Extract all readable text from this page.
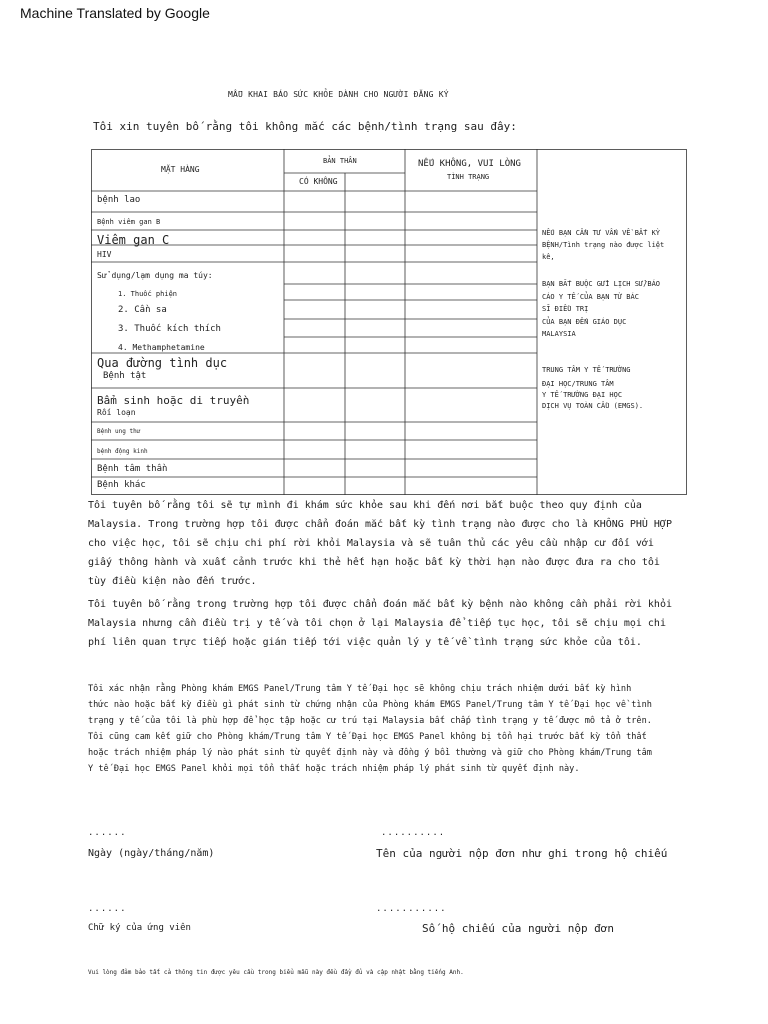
Machine Translated by Google
MẪU KHAI BÁO SỨC KHỎE DÀNH CHO NGƯỜI ĐĂNG KÝ
Tôi xin tuyên bố rằng tôi không mắc các bệnh/tình trạng sau đây:
MẶT HÀNG
BẢN THÂN
CÓ KHÔNG
NẾU KHÔNG, VUI LÒNG
TÌNH TRẠNG
bệnh lao
Bệnh viêm gan B
Viêm gan C
HIV
Sử dụng/lạm dụng ma túy:
1. Thuốc phiện
2. Cần sa
3. Thuốc kích thích
4. Methamphetamine
Qua đường tình dục
Bệnh tật
Bẩm sinh hoặc di truyền
Rối loạn
Bệnh ung thư
bệnh động kinh
Bệnh tâm thần
Bệnh khác
NẾU BẠN CẦN TƯ VẤN VỀ BẤT KỲ
BỆNH/Tình trạng nào được liệt
kê,
BẠN BẮT BUỘC GỬI LỊCH SỬ/BÁO
CÁO Y TẾ CỦA BẠN TỪ BÁC
SĨ ĐIỀU TRỊ
CỦA BẠN ĐẾN GIÁO DỤC
MALAYSIA
TRUNG TÂM Y TẾ TRƯỜNG
ĐẠI HỌC/TRUNG TÂM
Y TẾ TRƯỜNG ĐẠI HỌC
DỊCH VỤ TOÀN CẦU (EMGS).
Tôi tuyên bố rằng tôi sẽ tự mình đi khám sức khỏe sau khi đến nơi bắt buộc theo quy định của
Malaysia. Trong trường hợp tôi được chẩn đoán mắc bất kỳ tình trạng nào được cho là KHÔNG PHÙ HỢP
cho việc học, tôi sẽ chịu chi phí rời khỏi Malaysia và sẽ tuân thủ các yêu cầu nhập cư đối với
giấy thông hành và xuất cảnh trước khi thẻ hết hạn hoặc bất kỳ thời hạn nào được đưa ra cho tôi
tùy điều kiện nào đến trước.
Tôi tuyên bố rằng trong trường hợp tôi được chẩn đoán mắc bất kỳ bệnh nào không cần phải rời khỏi
Malaysia nhưng cần điều trị y tế và tôi chọn ở lại Malaysia để tiếp tục học, tôi sẽ chịu mọi chi
phí liên quan trực tiếp hoặc gián tiếp tới việc quản lý y tế về tình trạng sức khỏe của tôi.
Tôi xác nhận rằng Phòng khám EMGS Panel/Trung tâm Y tế Đại học sẽ không chịu trách nhiệm dưới bất kỳ hình
thức nào hoặc bất kỳ điều gì phát sinh từ chứng nhận của Phòng khám EMGS Panel/Trung tâm Y tế Đại học về tình
trạng y tế của tôi là phù hợp để học tập hoặc cư trú tại Malaysia bất chấp tình trạng y tế được mô tả ở trên.
Tôi cũng cam kết giữ cho Phòng khám/Trung tâm Y tế Đại học EMGS Panel không bị tổn hại trước bất kỳ tổn thất
hoặc trách nhiệm pháp lý nào phát sinh từ quyết định này và đồng ý bồi thường và giữ cho Phòng khám/Trung tâm
Y tế Đại học EMGS Panel khỏi mọi tổn thất hoặc trách nhiệm pháp lý phát sinh từ quyết định này.
......
Ngày (ngày/tháng/năm)
..........
Tên của người nộp đơn như ghi trong hộ chiếu
......
Chữ ký của ứng viên
...........
Số hộ chiếu của người nộp đơn
Vui lòng đảm bảo tất cả thông tin được yêu cầu trong biểu mẫu này đều đầy đủ và cập nhật bằng tiếng Anh.
